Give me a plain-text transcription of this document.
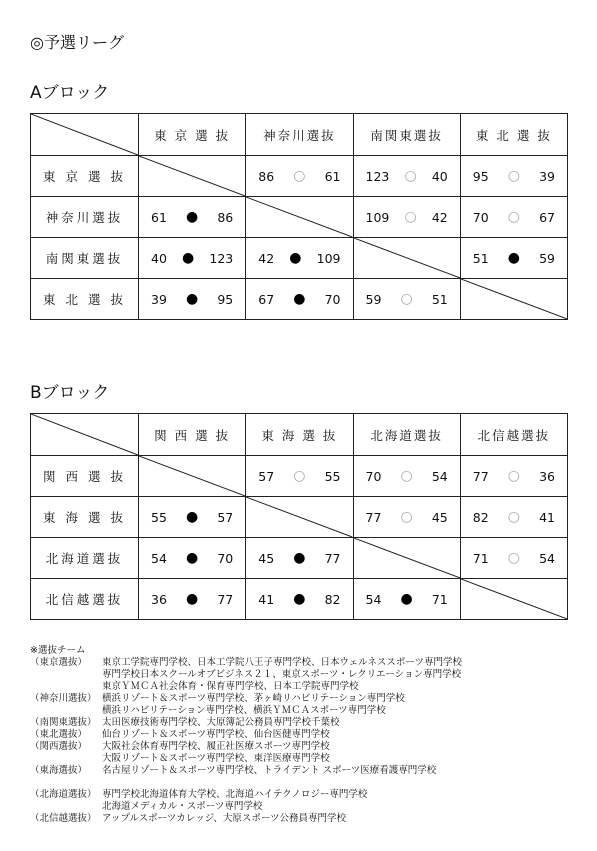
◎予選リーグ
Aブロック
	東 京 選 抜	神奈川選抜	南関東選抜	東 北 選 抜
東 京 選 抜		86 ○ 61	123 ○ 40	95 ○ 39

神奈川選抜	61 ● 86		109 ○ 42	70 ○ 67

南関東選抜	40 ● 123	42 ● 109		51 ● 59

東 北 選 抜	39 ● 95	67 ● 70	59 ○ 51

Bブロック
	関 西 選 抜	東 海 選 抜	北海道選抜	北信越選抜
関 西 選 抜		57 ○ 55	70 ○ 54	77 ○ 36

東 海 選 抜	55 ● 57		77 ○ 45	82 ○ 41

北海道選抜	54 ● 70	45 ● 77		71 ○ 54

北信越選抜	36 ● 77	41 ● 82	54 ● 71

※選抜チーム
（東京選抜）	東京工学院専門学校、日本工学院八王子専門学校、日本ウェルネススポーツ専門学校
専門学校日本スクールオブビジネス２１、東京スポーツ・レクリエーション専門学校
東京ＹＭＣＡ社会体育・保育専門学校、日本工学院専門学校
（神奈川選抜） 横浜リゾート＆スポーツ専門学校、茅ヶ崎リハビリテーション専門学校
横浜リハビリテーション専門学校、横浜ＹＭＣＡスポーツ専門学校
（南関東選抜） 太田医療技術専門学校、大原簿記公務員専門学校千葉校
（東北選抜）	仙台リゾート＆スポーツ専門学校、仙台医健専門学校
（関西選抜）	大阪社会体育専門学校、履正社医療スポーツ専門学校
大阪リゾート＆スポーツ専門学校、東洋医療専門学校
（東海選抜）	名古屋リゾート＆スポーツ専門学校、トライデント スポーツ医療看護専門学校
（北海道選抜） 専門学校北海道体育大学校、北海道ハイテクノロジー専門学校
北海道メディカル・スポーツ専門学校
（北信越選抜） アップルスポーツカレッジ、大原スポーツ公務員専門学校
